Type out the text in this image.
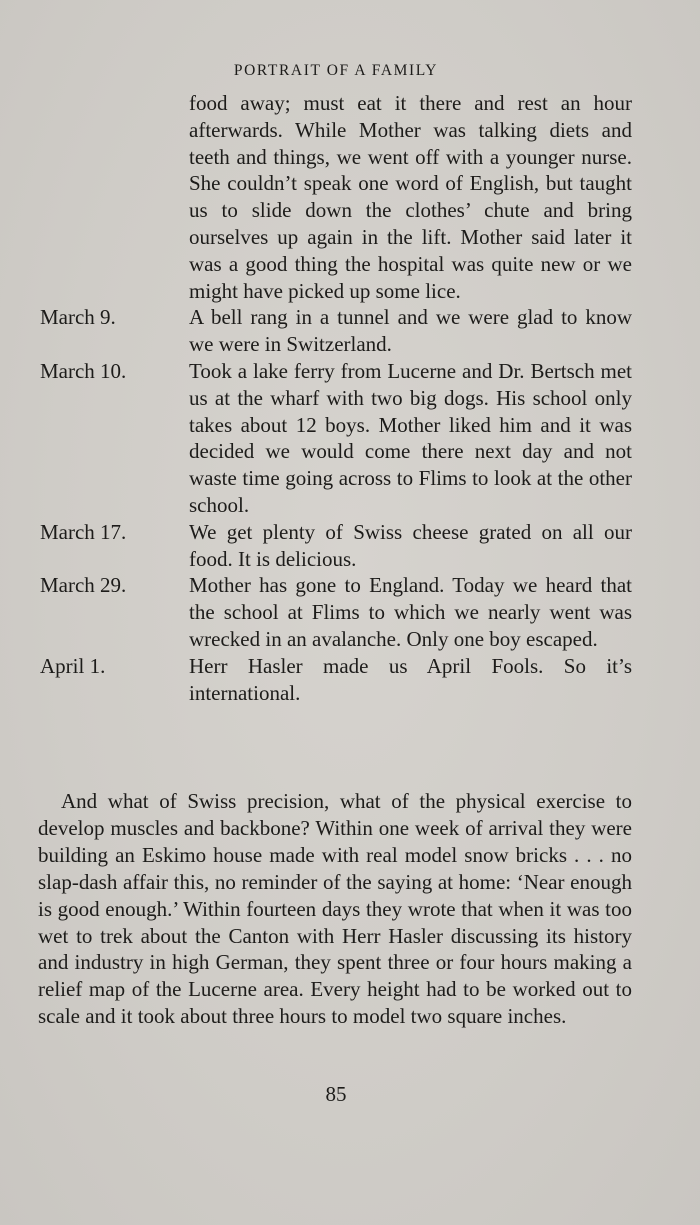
PORTRAIT OF A FAMILY

food away; must eat it there and rest an hour afterwards. While Mother was talking diets and teeth and things, we went off with a younger nurse. She couldn’t speak one word of English, but taught us to slide down the clothes’ chute and bring ourselves up again in the lift. Mother said later it was a good thing the hospital was quite new or we might have picked up some lice.

March 9.	A bell rang in a tunnel and we were glad to know we were in Switzerland.

March 10.	Took a lake ferry from Lucerne and Dr. Bertsch met us at the wharf with two big dogs. His school only takes about 12 boys. Mother liked him and it was decided we would come there next day and not waste time going across to Flims to look at the other school.

March 17.	We get plenty of Swiss cheese grated on all our food. It is delicious.

March 29.	Mother has gone to England. Today we heard that the school at Flims to which we nearly went was wrecked in an avalanche. Only one boy escaped.

April 1.	Herr Hasler made us April Fools. So it’s international.

And what of Swiss precision, what of the physical exercise to develop muscles and backbone? Within one week of arrival they were building an Eskimo house made with real model snow bricks . . . no slap-dash affair this, no reminder of the saying at home: ‘Near enough is good enough.’ Within fourteen days they wrote that when it was too wet to trek about the Canton with Herr Hasler discussing its history and industry in high German, they spent three or four hours making a relief map of the Lucerne area. Every height had to be worked out to scale and it took about three hours to model two square inches.

85
